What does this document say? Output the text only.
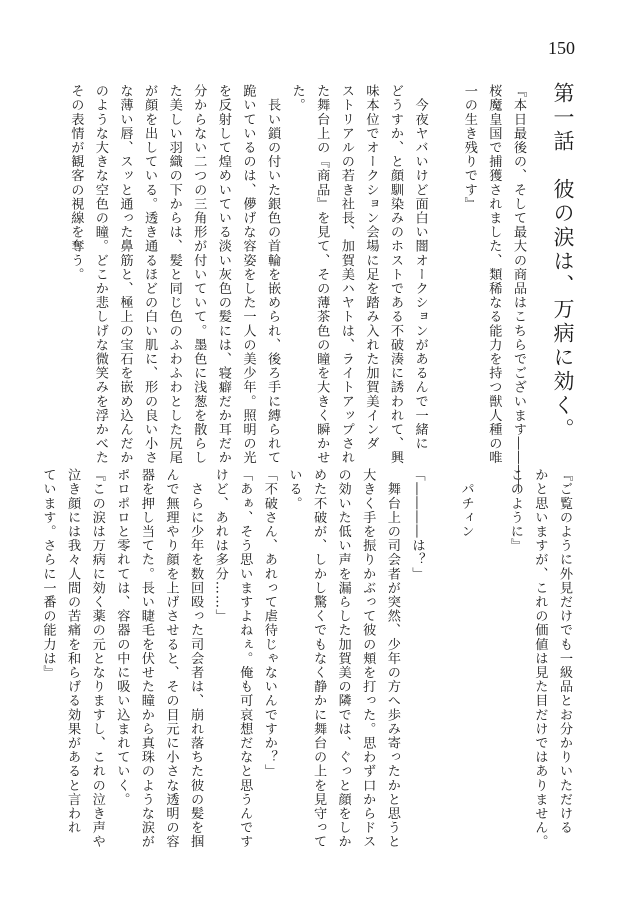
150
第一話　彼の涙は、万病に効く。
『本日最後の、そして最大の商品はこちらでございます――――
桜魔皇国で捕獲されました、類稀なる能力を持つ獣人種の唯
一の生き残りです』

　今夜ヤバいけど面白い闇オークションがあるんで一緒に
どうすか、と顔馴染みのホストである不破湊に誘われて、興
味本位でオークション会場に足を踏み入れた加賀美インダ
ストリアルの若き社長、加賀美ハヤトは、ライトアップされ
た舞台上の『商品』を見て、その薄茶色の瞳を大きく瞬かせ
た。
　長い鎖の付いた銀色の首輪を嵌められ、後ろ手に縛られて
跪いているのは、儚げな容姿をした一人の美少年。照明の光
を反射して煌めいている淡い灰色の髪には、寝癖だか耳だか
分からない二つの三角形が付いていて。墨色に浅葱を散らし
た美しい羽織の下からは、髪と同じ色のふわふわとした尻尾
が顔を出している。透き通るほどの白い肌に、形の良い小さ
な薄い唇、スッと通った鼻筋と、極上の宝石を嵌め込んだか
のような大きな空色の瞳。どこか悲しげな微笑みを浮かべた
その表情が観客の視線を奪う。
『ご覧のように外見だけでも一級品とお分かりいただける
かと思いますが、これの価値は見た目だけではありません。
このように』

　パチィン

「――――は？」
　舞台上の司会者が突然、少年の方へ歩み寄ったかと思うと
大きく手を振りかぶって彼の頬を打った。思わず口からドス
の効いた低い声を漏らした加賀美の隣では、ぐっと顔をしか
めた不破が、しかし驚くでもなく静かに舞台の上を見守って
いる。
「不破さん、あれって虐待じゃないんですか？」
「あぁ、そう思いますよねぇ。俺も可哀想だなと思うんです
けど、あれは多分……」
　さらに少年を数回殴った司会者は、崩れ落ちた彼の髪を掴
んで無理やり顔を上げさせると、その目元に小さな透明の容
器を押し当てた。長い睫毛を伏せた瞳から真珠のような涙が
ポロポロと零れては、容器の中に吸い込まれていく。
『この涙は万病に効く薬の元となりますし、これの泣き声や
泣き顔には我々人間の苦痛を和らげる効果があると言われ
ています。さらに一番の能力は』
